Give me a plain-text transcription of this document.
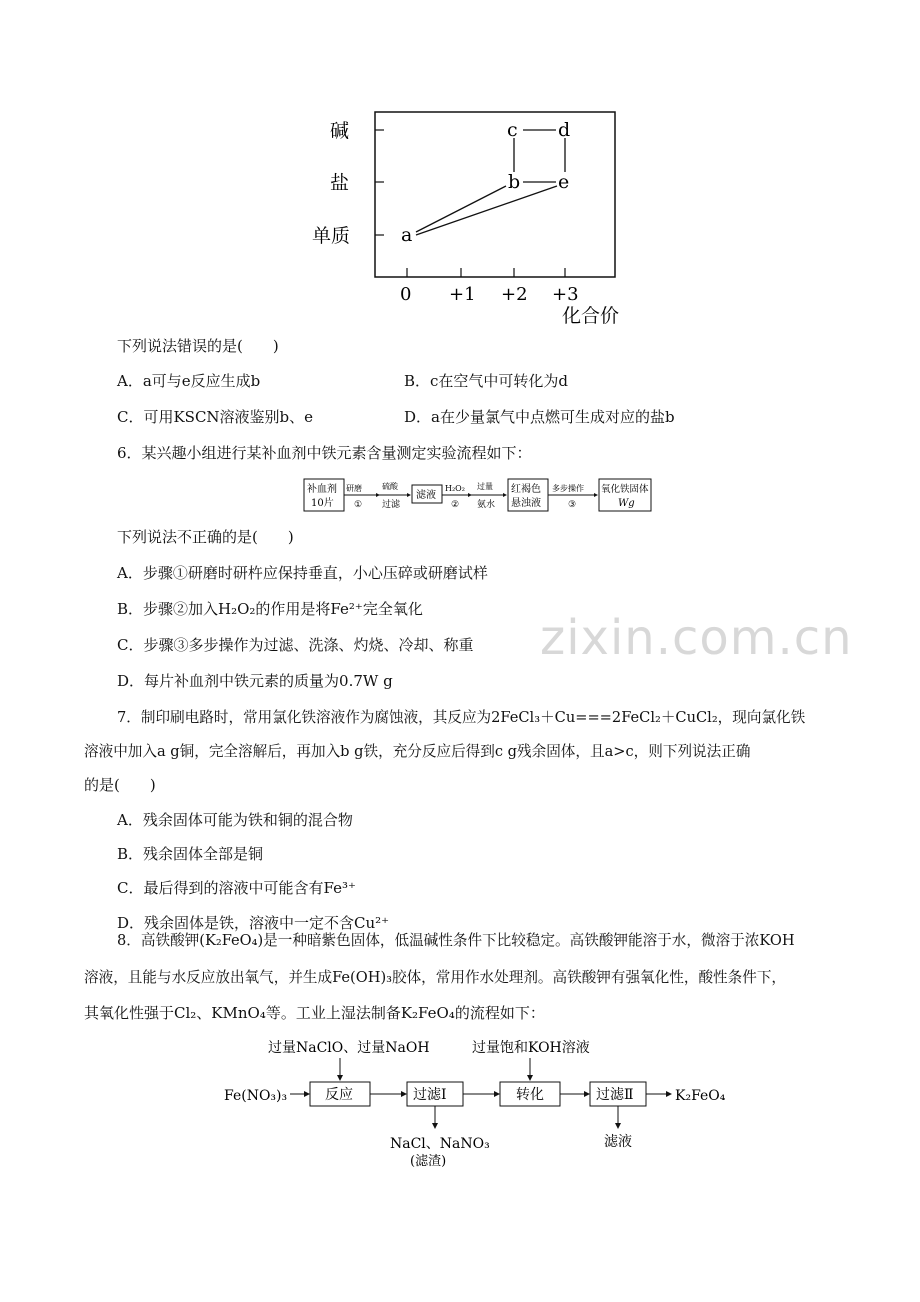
zixin.com.cn
碱
盐
单质
0 +1 +2 +3
化合价
a
b
c d
e
下列说法错误的是(　　)
A．a可与e反应生成b	B．c在空气中可转化为d
C．可用KSCN溶液鉴别b、e	D．a在少量氯气中点燃可生成对应的盐b
6．某兴趣小组进行某补血剂中铁元素含量测定实验流程如下：
补血剂
10片
研磨
①
硫酸
过滤
滤液
H₂O₂
②
过量
氨水
红褐色
悬浊液
多步操作
③
氧化铁固体
Wg
下列说法不正确的是(　　)
A．步骤①研磨时研杵应保持垂直，小心压碎或研磨试样
B．步骤②加入H₂O₂的作用是将Fe²⁺完全氧化
C．步骤③多步操作为过滤、洗涤、灼烧、冷却、称重
D．每片补血剂中铁元素的质量为0.7W g
7．制印刷电路时，常用氯化铁溶液作为腐蚀液，其反应为2FeCl₃＋Cu===2FeCl₂＋CuCl₂，现向氯化铁
溶液中加入a g铜，完全溶解后，再加入b g铁，充分反应后得到c g残余固体，且a>c，则下列说法正确
的是(　　)
A．残余固体可能为铁和铜的混合物
B．残余固体全部是铜
C．最后得到的溶液中可能含有Fe³⁺
D．残余固体是铁，溶液中一定不含Cu²⁺
8．高铁酸钾(K₂FeO₄)是一种暗紫色固体，低温碱性条件下比较稳定。高铁酸钾能溶于水，微溶于浓KOH
溶液，且能与水反应放出氧气，并生成Fe(OH)₃胶体，常用作水处理剂。高铁酸钾有强氧化性，酸性条件下，
其氧化性强于Cl₂、KMnO₄等。工业上湿法制备K₂FeO₄的流程如下：
过量NaClO、过量NaOH	过量饱和KOH溶液
Fe(NO₃)₃	反应	过滤Ⅰ	转化	过滤Ⅱ	K₂FeO₄
NaCl、NaNO₃
(滤渣)
滤液
